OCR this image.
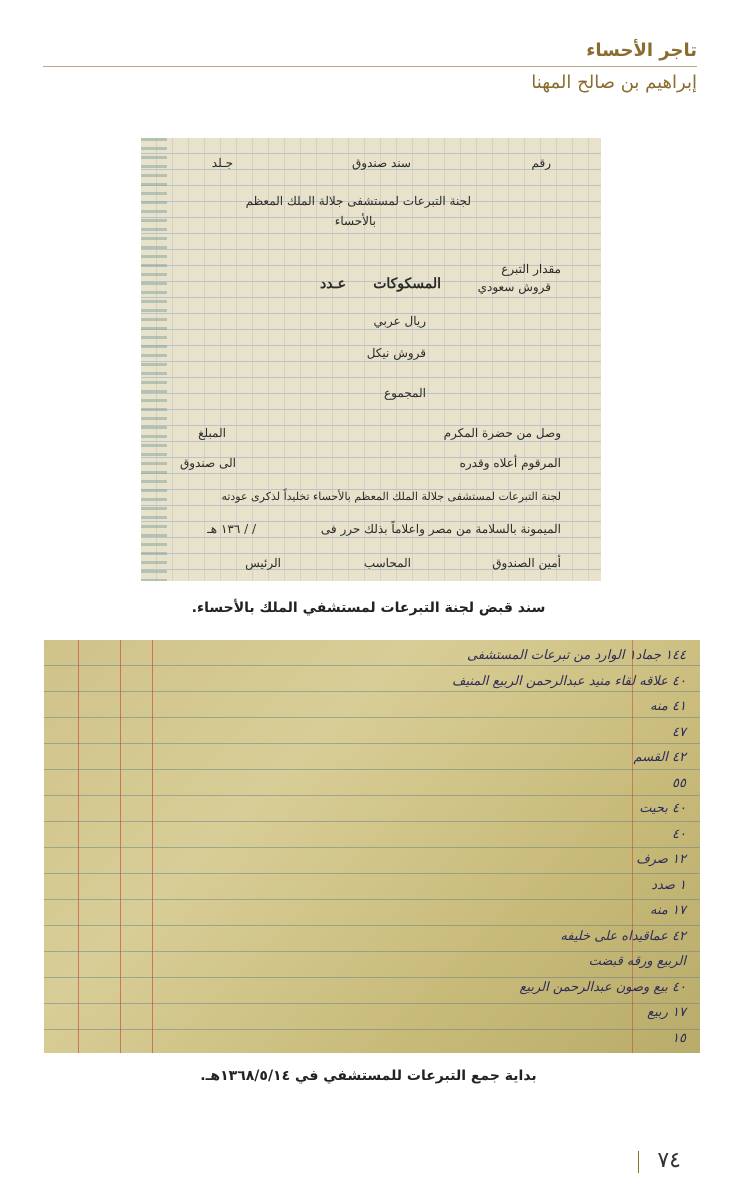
تاجر الأحساء
إبراهيم بن صالح المهنا
رقم
سند صندوق
جـلد
لجنة التبرعات لمستشفى جلالة الملك المعظم
بالأحساء
مقدار التبرع
قروش سعودي
المسكوكات
عـدد
ريال عربي
قروش نيكل
المجموع
وصل من حضرة المكرم
المبلغ
المرقوم أعلاه وقدره
الى صندوق
لجنة التبرعات لمستشفى جلالة الملك المعظم بالأحساء تخليداً لذكرى عودته
الميمونة بالسلامة من مصر واعلاماً بذلك حرر فى
/ / ١٣٦ هـ
أمين الصندوق
المحاسب
الرئيس
سند قبض لجنة التبرعات لمستشفي الملك بالأحساء.
١٤٤ جماد١ الوارد من تبرعات المستشفى
٤٠ علاقه لقاء منيد عبدالرحمن الربيع المنيف
٤١ منه
٤٧
٤٢ القسم
٥٥
٤٠ بحيت
٤٠
١٢ صرف
١ صدد
١٧ منه
٤٢ عماقيداه على خليفه
الربيع ورقه قبضت
٤٠ بيع وصون عبدالرحمن الربيع
١٧ ربيع
١٥
بداية جمع التبرعات للمستشفي في ١٣٦٨/٥/١٤هـ.
٧٤
